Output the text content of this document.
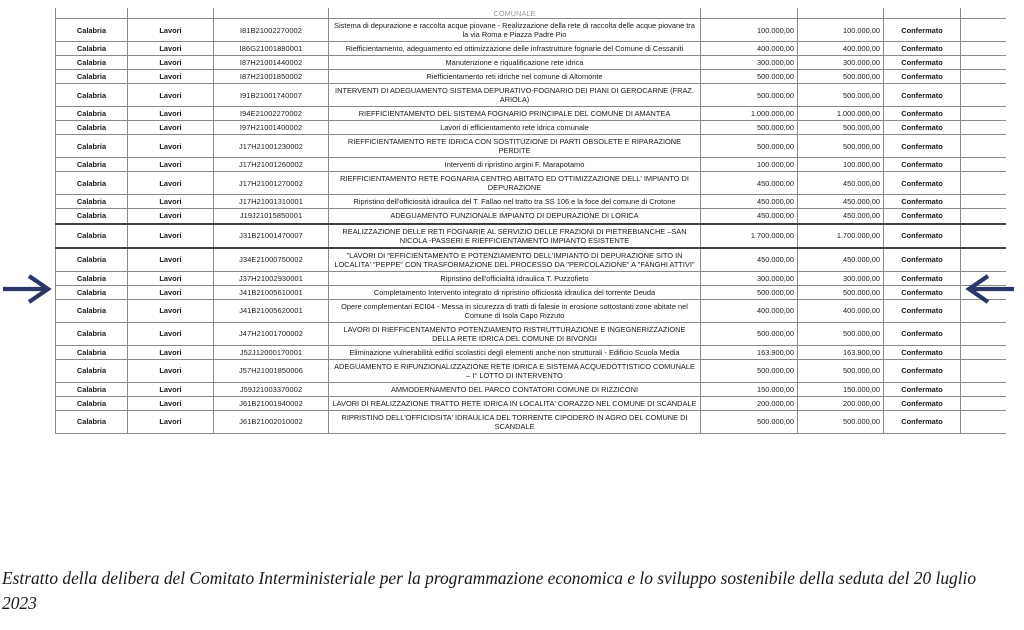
			COMUNALE				
Calabria	Lavori	I81B21002270002	Sistema di depurazione e raccolta acque piovane - Realizzazione della rete di raccolta delle acque piovane tra la via Roma e Piazza Padre Pio	100.000,00	100.000,00	Confermato	
Calabria	Lavori	I86G21001880001	Riefficientamento, adeguamento ed ottimizzazione delle infrastrutture fognarie del Comune di Cessaniti	400.000,00	400.000,00	Confermato	
Calabria	Lavori	I87H21001440002	Manutenzione e riqualificazione rete idrica	300.000,00	300.000,00	Confermato	
Calabria	Lavori	I87H21001850002	Riefficientamento reti idriche nel comune di Altomonte	500.000,00	500.000,00	Confermato	
Calabria	Lavori	I91B21001740007	INTERVENTI DI ADEGUAMENTO SISTEMA DEPURATIVO-FOGNARIO DEI PIANI DI GEROCARNE (FRAZ. ARIOLA)	500.000,00	500.000,00	Confermato	
Calabria	Lavori	I94E21002270002	RIEFFICIENTAMENTO DEL SISTEMA FOGNARIO PRINCIPALE DEL COMUNE DI AMANTEA	1.000.000,00	1.000.000,00	Confermato	
Calabria	Lavori	I97H21001400002	Lavori di efficientamento rete idrica comunale	500.000,00	500.000,00	Confermato	
Calabria	Lavori	J17H21001230002	RIEFFICIENTAMENTO RETE IDRICA CON SOSTITUZIONE DI PARTI OBSOLETE E RIPARAZIONE PERDITE	500.000,00	500.000,00	Confermato	
Calabria	Lavori	J17H21001260002	Interventi di ripristino argini F. Marapotamo	100.000,00	100.000,00	Confermato	
Calabria	Lavori	J17H21001270002	RIEFFICIENTAMENTO RETE FOGNARIA CENTRO ABITATO ED OTTIMIZZAZIONE DELL' IMPIANTO DI DEPURAZIONE	450.000,00	450.000,00	Confermato	
Calabria	Lavori	J17H21001310001	Ripristino dell'officiosità idraulica del T. Fallao nel tratto tra SS 106 e la foce del comune di Crotone	450.000,00	450.000,00	Confermato	
Calabria	Lavori	J19J21015850001	ADEGUAMENTO FUNZIONALE IMPIANTO DI DEPURAZIONE DI LORICA	450.000,00	450.000,00	Confermato	
Calabria	Lavori	J31B21001470007	REALIZZAZIONE DELLE RETI FOGNARIE AL SERVIZIO DELLE FRAZIONI DI PIETREBIANCHE –SAN NICOLA -PASSERI E RIEFFICIENTAMENTO IMPIANTO ESISTENTE	1.700.000,00	1.700.000,00	Confermato	
Calabria	Lavori	J34E21000750002	"LAVORI DI "EFFICIENTAMENTO E POTENZIAMENTO DELL'IMPIANTO DI DEPURAZIONE SITO IN LOCALITA' "PEPPE" CON TRASFORMAZIONE DEL PROCESSO DA "PERCOLAZIONE" A "FANGHI ATTIVI"	450.000,00	450.000,00	Confermato	
Calabria	Lavori	J37H21002930001	Ripristino dell'officialità idraulica T. Puzzofieto	300.000,00	300.000,00	Confermato	
Calabria	Lavori	J41B21005610001	Completamento Intervento integrato di ripristino officiosità idraulica del torrente Deuda	500.000,00	500.000,00	Confermato	
Calabria	Lavori	J41B21005620001	Opere complementari ECI04 - Messa in sicurezza di tratti di falesie in erosione sottostanti zone abitate nel Comune di Isola Capo Rizzuto	400.000,00	400.000,00	Confermato	
Calabria	Lavori	J47H21001700002	LAVORI DI RIEFFICENTAMENTO POTENZIAMENTO RISTRUTTURAZIONE E INGEGNERIZZAZIONE DELLA RETE IDRICA DEL COMUNE DI BIVONGI	500.000,00	500.000,00	Confermato	
Calabria	Lavori	J52J12000170001	Eliminazione vulnerabilità edifici scolastici degli elementi anche non strutturali - Edificio Scuola Media	163.900,00	163.900,00	Confermato	
Calabria	Lavori	J57H21001850006	ADEGUAMENTO E RIFUNZIONALIZZAZIONE RETE IDRICA E SISTEMA ACQUEDOTTISTICO COMUNALE – I° LOTTO DI INTERVENTO	500.000,00	500.000,00	Confermato	
Calabria	Lavori	J59J21003370002	AMMODERNAMENTO DEL PARCO CONTATORI COMUNE DI RIZZICONI	150.000,00	150.000,00	Confermato	
Calabria	Lavori	J61B21001940002	LAVORI DI REALIZZAZIONE TRATTO RETE IDRICA IN LOCALITA' CORAZZO NEL COMUNE DI SCANDALE	200.000,00	200.000,00	Confermato	
Calabria	Lavori	J61B21002010002	RIPRISTINO DELL'OFFICIOSITA' IDRAULICA DEL TORRENTE CIPODERO IN AGRO DEL COMUNE DI SCANDALE	500.000,00	500.000,00	Confermato	
Estratto della delibera del Comitato Interministeriale per la programmazione economica e lo sviluppo sostenibile della seduta del 20 luglio 2023
